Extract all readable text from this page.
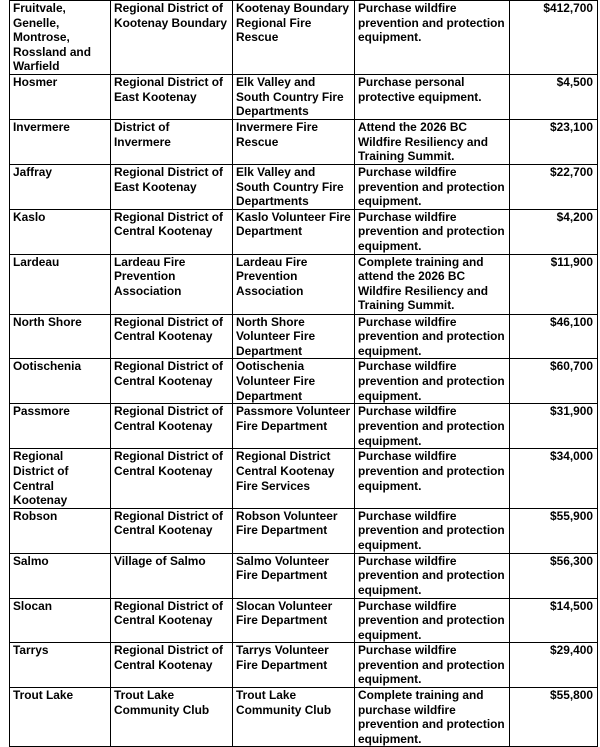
Fruitvale, Genelle, Montrose, Rossland and Warfield	Regional District of Kootenay Boundary	Kootenay Boundary Regional Fire Rescue	Purchase wildfire prevention and protection equipment.	$412,700
Hosmer	Regional District of East Kootenay	Elk Valley and South Country Fire Departments	Purchase personal protective equipment.	$4,500
Invermere	District of Invermere	Invermere Fire Rescue	Attend the 2026 BC Wildfire Resiliency and Training Summit.	$23,100
Jaffray	Regional District of East Kootenay	Elk Valley and South Country Fire Departments	Purchase wildfire prevention and protection equipment.	$22,700
Kaslo	Regional District of Central Kootenay	Kaslo Volunteer Fire Department	Purchase wildfire prevention and protection equipment.	$4,200
Lardeau	Lardeau Fire Prevention Association	Lardeau Fire Prevention Association	Complete training and attend the 2026 BC Wildfire Resiliency and Training Summit.	$11,900
North Shore	Regional District of Central Kootenay	North Shore Volunteer Fire Department	Purchase wildfire prevention and protection equipment.	$46,100
Ootischenia	Regional District of Central Kootenay	Ootischenia Volunteer Fire Department	Purchase wildfire prevention and protection equipment.	$60,700
Passmore	Regional District of Central Kootenay	Passmore Volunteer Fire Department	Purchase wildfire prevention and protection equipment.	$31,900
Regional District of Central Kootenay	Regional District of Central Kootenay	Regional District Central Kootenay Fire Services	Purchase wildfire prevention and protection equipment.	$34,000
Robson	Regional District of Central Kootenay	Robson Volunteer Fire Department	Purchase wildfire prevention and protection equipment.	$55,900
Salmo	Village of Salmo	Salmo Volunteer Fire Department	Purchase wildfire prevention and protection equipment.	$56,300
Slocan	Regional District of Central Kootenay	Slocan Volunteer Fire Department	Purchase wildfire prevention and protection equipment.	$14,500
Tarrys	Regional District of Central Kootenay	Tarrys Volunteer Fire Department	Purchase wildfire prevention and protection equipment.	$29,400
Trout Lake	Trout Lake Community Club	Trout Lake Community Club	Complete training and purchase wildfire prevention and protection equipment.	$55,800
